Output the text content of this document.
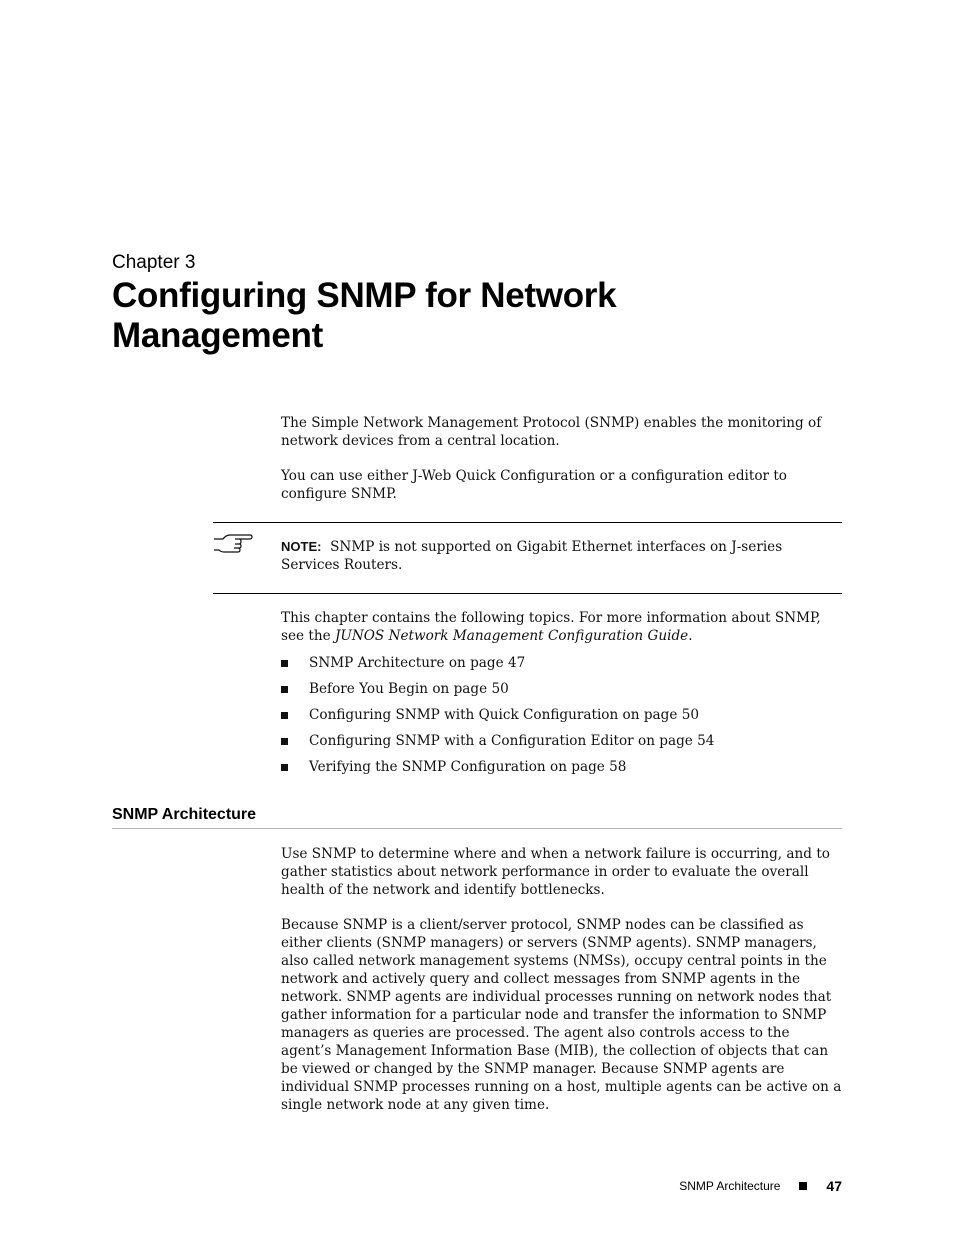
Chapter 3
Configuring SNMP for Network
Management

The Simple Network Management Protocol (SNMP) enables the monitoring of network devices from a central location.

You can use either J-Web Quick Configuration or a configuration editor to configure SNMP.

NOTE: SNMP is not supported on Gigabit Ethernet interfaces on J-series Services Routers.

This chapter contains the following topics. For more information about SNMP, see the JUNOS Network Management Configuration Guide.

SNMP Architecture on page 47
Before You Begin on page 50
Configuring SNMP with Quick Configuration on page 50
Configuring SNMP with a Configuration Editor on page 54
Verifying the SNMP Configuration on page 58
SNMP Architecture

Use SNMP to determine where and when a network failure is occurring, and to gather statistics about network performance in order to evaluate the overall health of the network and identify bottlenecks.

Because SNMP is a client/server protocol, SNMP nodes can be classified as either clients (SNMP managers) or servers (SNMP agents). SNMP managers, also called network management systems (NMSs), occupy central points in the network and actively query and collect messages from SNMP agents in the network. SNMP agents are individual processes running on network nodes that gather information for a particular node and transfer the information to SNMP managers as queries are processed. The agent also controls access to the agent’s Management Information Base (MIB), the collection of objects that can be viewed or changed by the SNMP manager. Because SNMP agents are individual SNMP processes running on a host, multiple agents can be active on a single network node at any given time.

SNMP Architecture	47
